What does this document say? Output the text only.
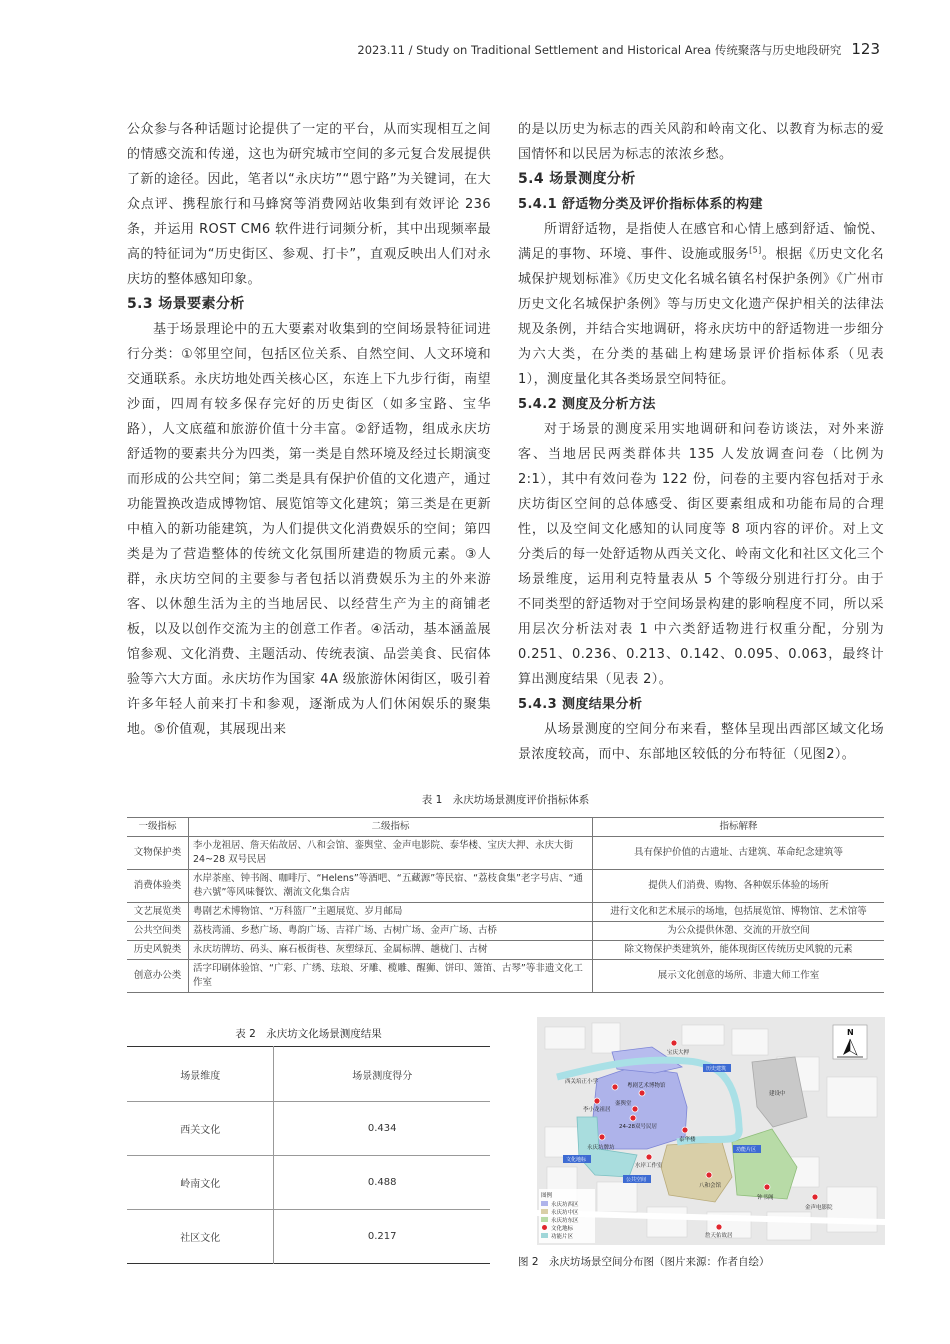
2023.11 / Study on Traditional Settlement and Historical Area 传统聚落与历史地段研究 123

公众参与各种话题讨论提供了一定的平台，从而实现相互之间的情感交流和传递，这也为研究城市空间的多元复合发展提供了新的途径。因此，笔者以“永庆坊”“恩宁路”为关键词，在大众点评、携程旅行和马蜂窝等消费网站收集到有效评论 236 条，并运用 ROST CM6 软件进行词频分析，其中出现频率最高的特征词为“历史街区、参观、打卡”，直观反映出人们对永庆坊的整体感知印象。

5.3 场景要素分析

基于场景理论中的五大要素对收集到的空间场景特征词进行分类：①邻里空间，包括区位关系、自然空间、人文环境和交通联系。永庆坊地处西关核心区，东连上下九步行街，南望沙面，四周有较多保存完好的历史街区（如多宝路、宝华路），人文底蕴和旅游价值十分丰富。②舒适物，组成永庆坊舒适物的要素共分为四类，第一类是自然环境及经过长期演变而形成的公共空间；第二类是具有保护价值的文化遗产，通过功能置换改造成博物馆、展览馆等文化建筑；第三类是在更新中植入的新功能建筑，为人们提供文化消费娱乐的空间；第四类是为了营造整体的传统文化氛围所建造的物质元素。③人群，永庆坊空间的主要参与者包括以消费娱乐为主的外来游客、以休憩生活为主的当地居民、以经营生产为主的商铺老板，以及以创作交流为主的创意工作者。④活动，基本涵盖展馆参观、文化消费、主题活动、传统表演、品尝美食、民宿体验等六大方面。永庆坊作为国家 4A 级旅游休闲街区，吸引着许多年轻人前来打卡和参观，逐渐成为人们休闲娱乐的聚集地。⑤价值观，其展现出来

的是以历史为标志的西关风韵和岭南文化、以教育为标志的爱国情怀和以民居为标志的浓浓乡愁。

5.4 场景测度分析

5.4.1 舒适物分类及评价指标体系的构建

所谓舒适物，是指使人在感官和心情上感到舒适、愉悦、满足的事物、环境、事件、设施或服务[5]。根据《历史文化名城保护规划标准》《历史文化名城名镇名村保护条例》《广州市历史文化名城保护条例》等与历史文化遗产保护相关的法律法规及条例，并结合实地调研，将永庆坊中的舒适物进一步细分为六大类，在分类的基础上构建场景评价指标体系（见表 1），测度量化其各类场景空间特征。

5.4.2 测度及分析方法

对于场景的测度采用实地调研和问卷访谈法，对外来游客、当地居民两类群体共 135 人发放调查问卷（比例为 2:1），其中有效问卷为 122 份，问卷的主要内容包括对于永庆坊街区空间的总体感受、街区要素组成和功能布局的合理性，以及空间文化感知的认同度等 8 项内容的评价。对上文分类后的每一处舒适物从西关文化、岭南文化和社区文化三个场景维度，运用利克特量表从 5 个等级分别进行打分。由于不同类型的舒适物对于空间场景构建的影响程度不同，所以采用层次分析法对表 1 中六类舒适物进行权重分配，分别为 0.251、0.236、0.213、0.142、0.095、0.063，最终计算出测度结果（见表 2）。

5.4.3 测度结果分析

从场景测度的空间分布来看，整体呈现出西部区域文化场景浓度较高，而中、东部地区较低的分布特征（见图2）。

表 1　永庆坊场景测度评价指标体系
一级指标	二级指标	指标解释
文物保护类	李小龙祖居、詹天佑故居、八和会馆、銮舆堂、金声电影院、泰华楼、宝庆大押、永庆大街 24~28 双号民居	具有保护价值的古遗址、古建筑、革命纪念建筑等
消费体验类	水岸茶座、钟书阁、咖啡厅、“Helens”等酒吧、“五藏源”等民宿、“荔枝食集”老字号店、“通巷六號”等风味餐饮、潮流文化集合店	提供人们消费、购物、各种娱乐体验的场所
文艺展览类	粤剧艺术博物馆、“万科篮厂”主题展览、岁月邮局	进行文化和艺术展示的场地，包括展览馆、博物馆、艺术馆等
公共空间类	荔枝湾涌、乡愁广场、粤韵广场、吉祥广场、古树广场、金声广场、古桥	为公众提供休憩、交流的开放空间
历史风貌类	永庆坊牌坊、码头、麻石板街巷、灰塑绿瓦、金属标牌、趟栊门、古树	除文物保护类建筑外，能体现街区传统历史风貌的元素
创意办公类	活字印刷体验馆、“广彩、广绣、珐琅、牙雕、榄雕、醒狮、饼印、箫笛、古琴”等非遗文化工作室	展示文化创意的场所、非遗大师工作室
表 2　永庆坊文化场景测度结果
场景维度	场景测度得分
西关文化	0.434
岭南文化	0.488
社区文化	0.217
宝庆大押
西关培正小学
粤剧艺术博物馆
李小龙祖居
銮舆堂
24-28双号民居
永庆坊牌坊
泰华楼
水岸工作室
八和会馆
钟书阁
金声电影院
詹天佑故居
建设中
历史建筑
文化地标
公共空间
功能片区
N
图例
永庆坊西区
永庆坊中区
永庆坊东区
文化地标
功能片区
图 2　永庆坊场景空间分布图（图片来源：作者自绘）
